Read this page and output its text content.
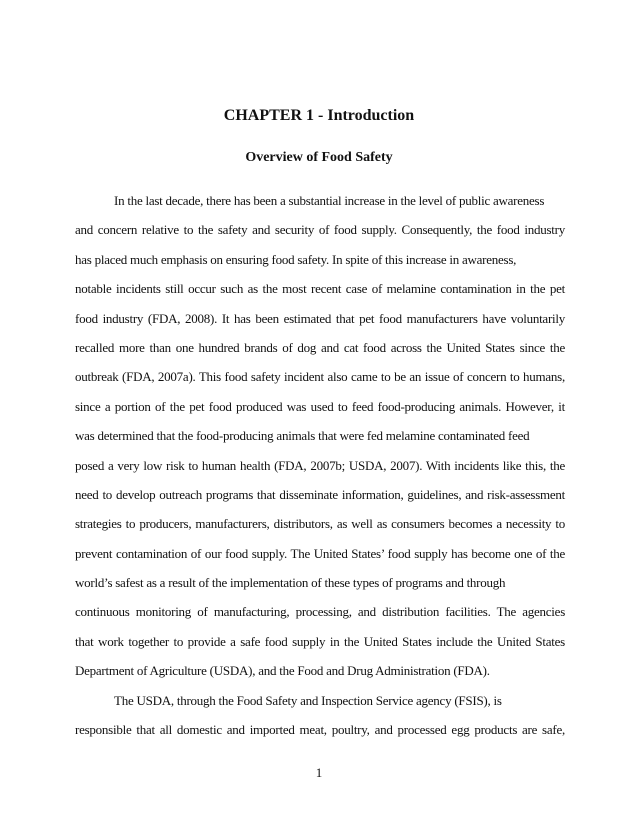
CHAPTER 1 - Introduction
Overview of Food Safety
In the last decade, there has been a substantial increase in the level of public awareness
and concern relative to the safety and security of food supply. Consequently, the food industry
has placed much emphasis on ensuring food safety. In spite of this increase in awareness,
notable incidents still occur such as the most recent case of melamine contamination in the pet
food industry (FDA, 2008). It has been estimated that pet food manufacturers have voluntarily
recalled more than one hundred brands of dog and cat food across the United States since the
outbreak (FDA, 2007a). This food safety incident also came to be an issue of concern to humans,
since a portion of the pet food produced was used to feed food-producing animals. However, it
was determined that the food-producing animals that were fed melamine contaminated feed
posed a very low risk to human health (FDA, 2007b; USDA, 2007). With incidents like this, the
need to develop outreach programs that disseminate information, guidelines, and risk-assessment
strategies to producers, manufacturers, distributors, as well as consumers becomes a necessity to
prevent contamination of our food supply. The United States’ food supply has become one of the
world’s safest as a result of the implementation of these types of programs and through
continuous monitoring of manufacturing, processing, and distribution facilities. The agencies
that work together to provide a safe food supply in the United States include the United States
Department of Agriculture (USDA), and the Food and Drug Administration (FDA).
The USDA, through the Food Safety and Inspection Service agency (FSIS), is
responsible that all domestic and imported meat, poultry, and processed egg products are safe,
1
